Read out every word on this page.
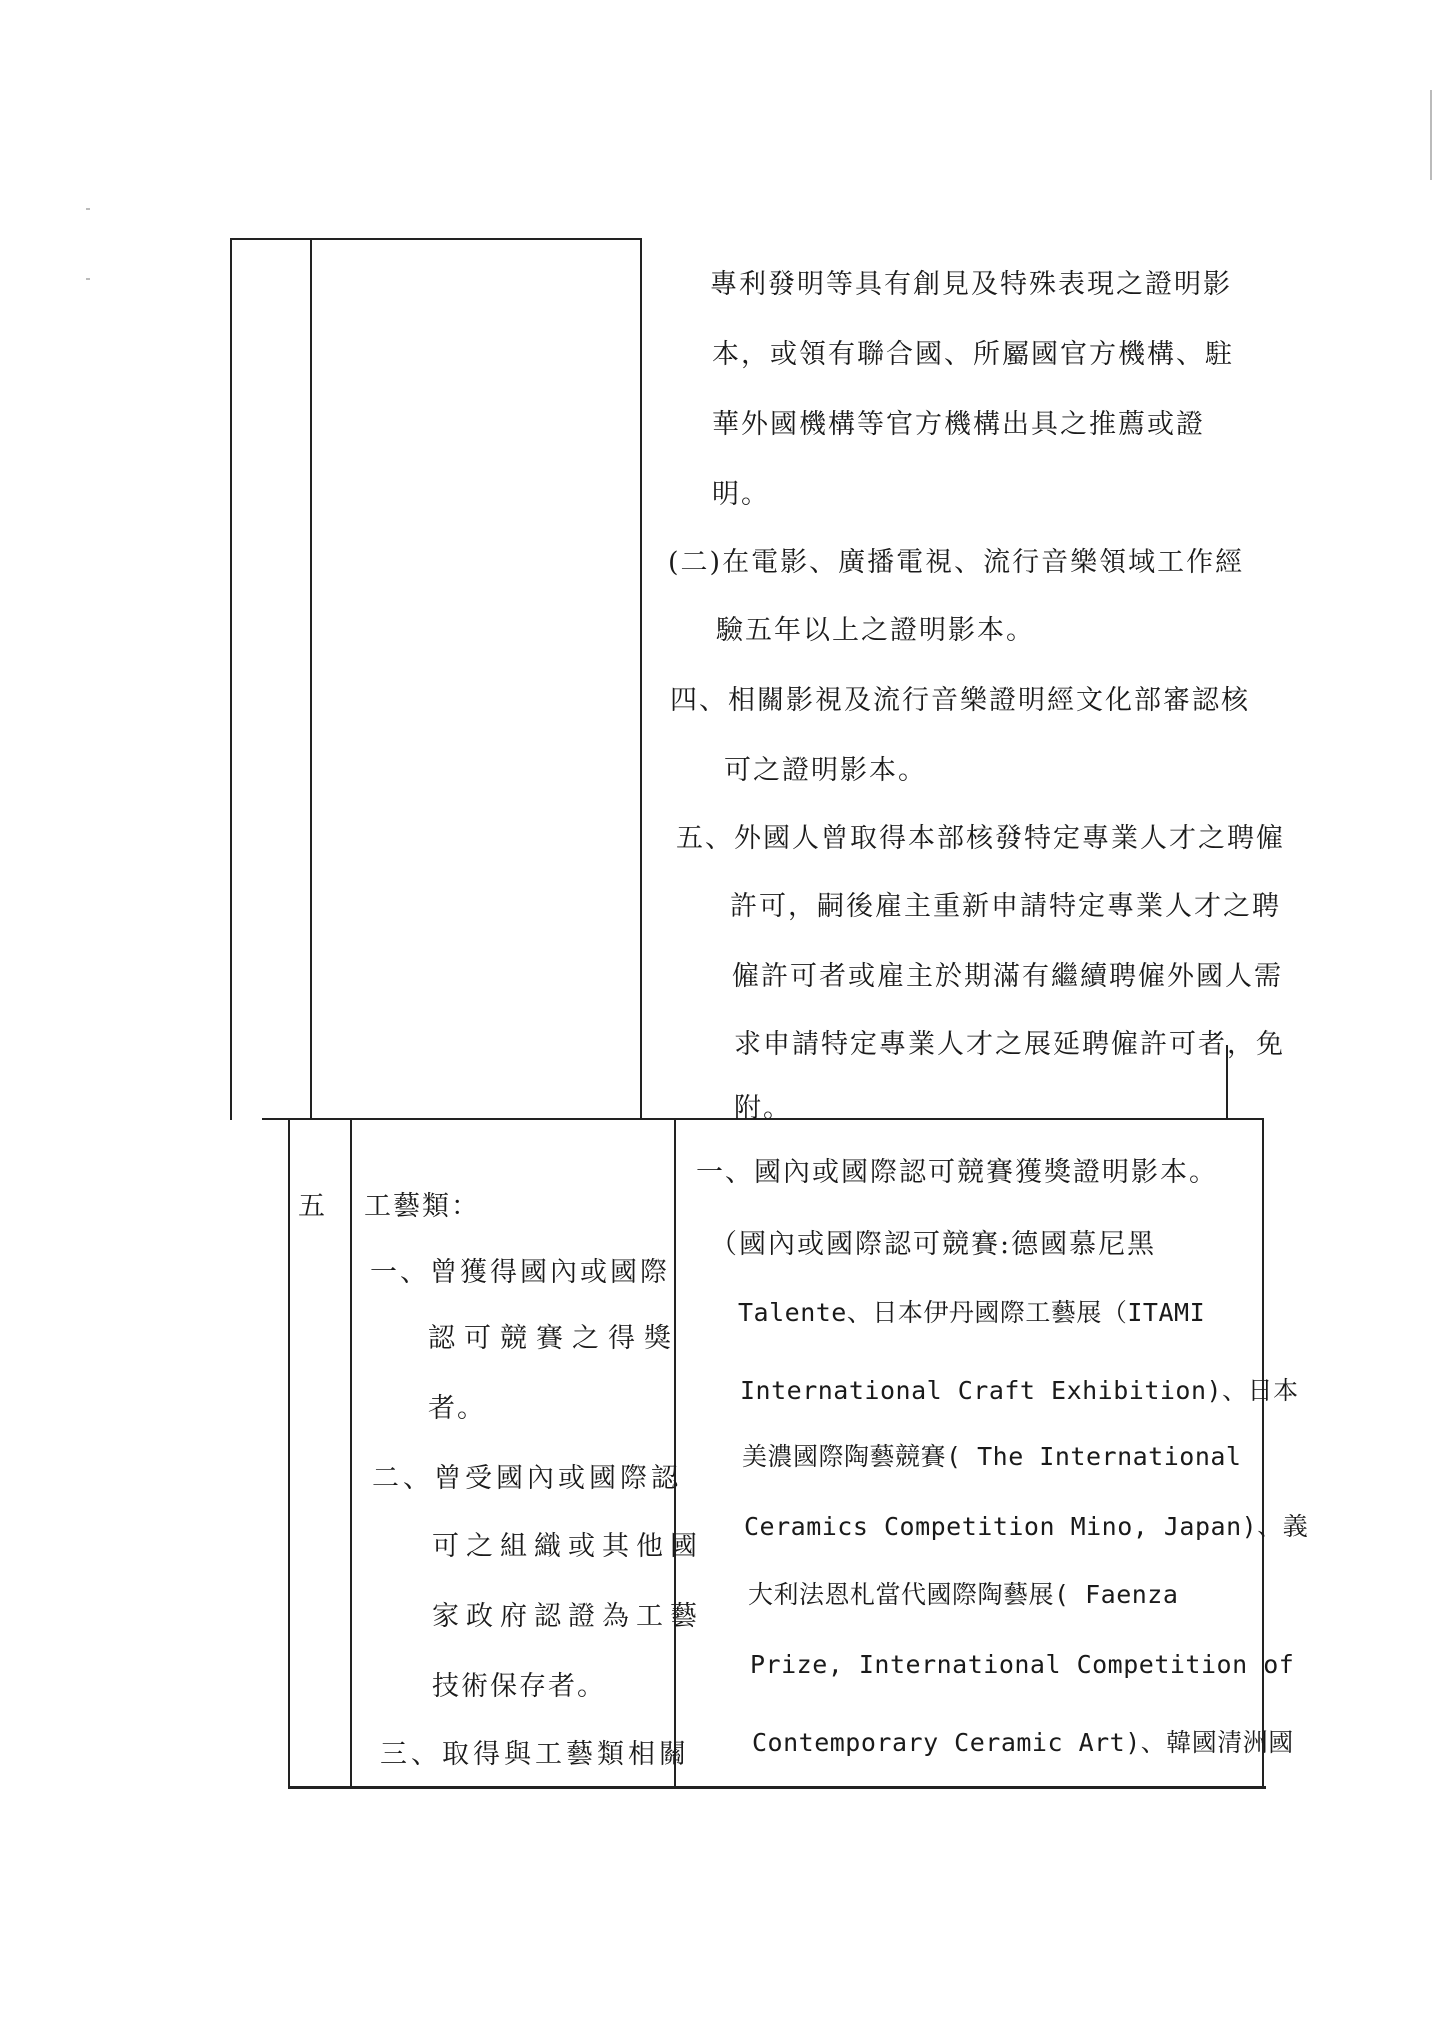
專利發明等具有創見及特殊表現之證明影
本，或領有聯合國、所屬國官方機構、駐
華外國機構等官方機構出具之推薦或證
明。
(二)在電影、廣播電視、流行音樂領域工作經
驗五年以上之證明影本。
四、相關影視及流行音樂證明經文化部審認核
可之證明影本。
五、外國人曾取得本部核發特定專業人才之聘僱
許可，嗣後雇主重新申請特定專業人才之聘
僱許可者或雇主於期滿有繼續聘僱外國人需
求申請特定專業人才之展延聘僱許可者，免
附。
五 工藝類：
一、曾獲得國內或國際
認可競賽之得獎
者。
二、曾受國內或國際認
可之組織或其他國
家政府認證為工藝
技術保存者。
三、取得與工藝類相關
一、國內或國際認可競賽獲獎證明影本。
（國內或國際認可競賽:德國慕尼黑
Talente、日本伊丹國際工藝展（ITAMI
International Craft Exhibition)、日本
美濃國際陶藝競賽( The International
Ceramics Competition Mino, Japan)、義
大利法恩札當代國際陶藝展( Faenza
Prize, International Competition of
Contemporary Ceramic Art)、韓國清洲國
